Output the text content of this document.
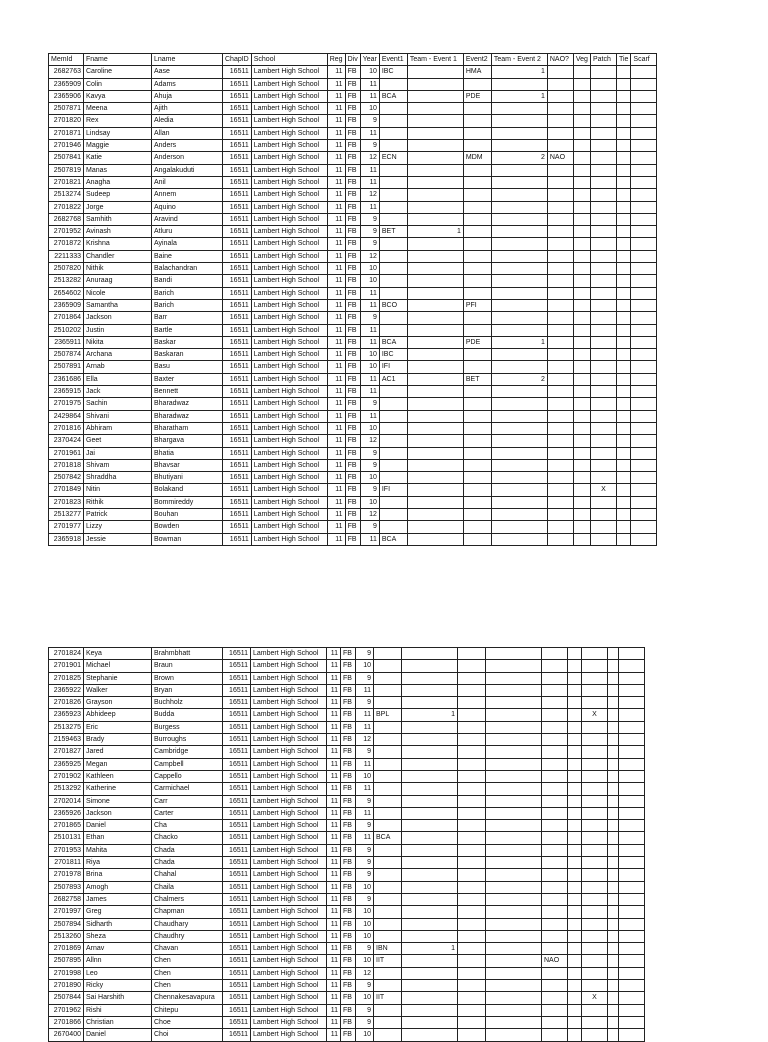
MemId	Fname	Lname	ChapID	School	Reg	Div	Year	Event1	Team - Event 1	Event2	Team - Event 2	NAO?	Veg	Patch	Tie	Scarf
2682763	Caroline	Aase	16511	Lambert High School	11	FB	10	IBC		HMA	1					
2365909	Colin	Adams	16511	Lambert High School	11	FB	11									
2365906	Kavya	Ahuja	16511	Lambert High School	11	FB	11	BCA		PDE	1					
2507871	Meena	Ajith	16511	Lambert High School	11	FB	10									
2701820	Rex	Aledia	16511	Lambert High School	11	FB	9									
2701871	Lindsay	Allan	16511	Lambert High School	11	FB	11									
2701946	Maggie	Anders	16511	Lambert High School	11	FB	9									
2507841	Katie	Anderson	16511	Lambert High School	11	FB	12	ECN		MDM	2	NAO				
2507819	Manas	Angalakuduti	16511	Lambert High School	11	FB	11									
2701821	Anagha	Anil	16511	Lambert High School	11	FB	11									
2513274	Sudeep	Annem	16511	Lambert High School	11	FB	12									
2701822	Jorge	Aquino	16511	Lambert High School	11	FB	11									
2682768	Samhith	Aravind	16511	Lambert High School	11	FB	9									
2701952	Avinash	Atluru	16511	Lambert High School	11	FB	9	BET	1							
2701872	Krishna	Ayinala	16511	Lambert High School	11	FB	9									
2211333	Chandler	Baine	16511	Lambert High School	11	FB	12									
2507820	Nithik	Balachandran	16511	Lambert High School	11	FB	10									
2513282	Anuraag	Bandi	16511	Lambert High School	11	FB	10									
2654602	Nicole	Barich	16511	Lambert High School	11	FB	11									
2365909	Samantha	Barich	16511	Lambert High School	11	FB	11	BCO		PFI						
2701864	Jackson	Barr	16511	Lambert High School	11	FB	9									
2510202	Justin	Bartle	16511	Lambert High School	11	FB	11									
2365911	Nikita	Baskar	16511	Lambert High School	11	FB	11	BCA		PDE	1					
2507874	Archana	Baskaran	16511	Lambert High School	11	FB	10	IBC								
2507891	Arnab	Basu	16511	Lambert High School	11	FB	10	IFI								
2361686	Ella	Baxter	16511	Lambert High School	11	FB	11	AC1		BET	2					
2365915	Jack	Bennett	16511	Lambert High School	11	FB	11									
2701975	Sachin	Bharadwaz	16511	Lambert High School	11	FB	9									
2429864	Shivani	Bharadwaz	16511	Lambert High School	11	FB	11									
2701816	Abhiram	Bharatham	16511	Lambert High School	11	FB	10									
2370424	Geet	Bhargava	16511	Lambert High School	11	FB	12									
2701961	Jai	Bhatia	16511	Lambert High School	11	FB	9									
2701818	Shivam	Bhavsar	16511	Lambert High School	11	FB	9									
2507842	Shraddha	Bhutiyani	16511	Lambert High School	11	FB	10									
2701849	Nitin	Bolakand	16511	Lambert High School	11	FB	9	IFI						X		
2701823	Rithik	Bommireddy	16511	Lambert High School	11	FB	10									
2513277	Patrick	Bouhan	16511	Lambert High School	11	FB	12									
2701977	Lizzy	Bowden	16511	Lambert High School	11	FB	9									
2365918	Jessie	Bowman	16511	Lambert High School	11	FB	11	BCA								
2701824	Keya	Brahmbhatt	16511	Lambert High School	11	FB	9									
2701901	Michael	Braun	16511	Lambert High School	11	FB	10									
2701825	Stephanie	Brown	16511	Lambert High School	11	FB	9									
2365922	Walker	Bryan	16511	Lambert High School	11	FB	11									
2701826	Grayson	Buchholz	16511	Lambert High School	11	FB	9									
2365923	Abhideep	Budda	16511	Lambert High School	11	FB	11	BPL	1					X		
2513275	Eric	Burgess	16511	Lambert High School	11	FB	11									
2159463	Brady	Burroughs	16511	Lambert High School	11	FB	12									
2701827	Jared	Cambridge	16511	Lambert High School	11	FB	9									
2365925	Megan	Campbell	16511	Lambert High School	11	FB	11									
2701902	Kathleen	Cappello	16511	Lambert High School	11	FB	10									
2513292	Katherine	Carmichael	16511	Lambert High School	11	FB	11									
2702014	Simone	Carr	16511	Lambert High School	11	FB	9									
2365926	Jackson	Carter	16511	Lambert High School	11	FB	11									
2701865	Daniel	Cha	16511	Lambert High School	11	FB	9									
2510131	Ethan	Chacko	16511	Lambert High School	11	FB	11	BCA								
2701953	Mahita	Chada	16511	Lambert High School	11	FB	9									
2701811	Riya	Chada	16511	Lambert High School	11	FB	9									
2701978	Brina	Chahal	16511	Lambert High School	11	FB	9									
2507893	Amogh	Chaila	16511	Lambert High School	11	FB	10									
2682758	James	Chalmers	16511	Lambert High School	11	FB	9									
2701997	Greg	Chapman	16511	Lambert High School	11	FB	10									
2507894	Sidharth	Chaudhary	16511	Lambert High School	11	FB	10									
2513260	Sheza	Chaudhry	16511	Lambert High School	11	FB	10									
2701869	Arnav	Chavan	16511	Lambert High School	11	FB	9	IBN	1							
2507895	Allnn	Chen	16511	Lambert High School	11	FB	10	IIT				NAO				
2701998	Leo	Chen	16511	Lambert High School	11	FB	12									
2701890	Ricky	Chen	16511	Lambert High School	11	FB	9									
2507844	Sai Harshith	Chennakesavapura	16511	Lambert High School	11	FB	10	IIT						X		
2701962	Rishi	Chitepu	16511	Lambert High School	11	FB	9									
2701866	Christian	Choe	16511	Lambert High School	11	FB	9									
2670400	Daniel	Choi	16511	Lambert High School	11	FB	10									
